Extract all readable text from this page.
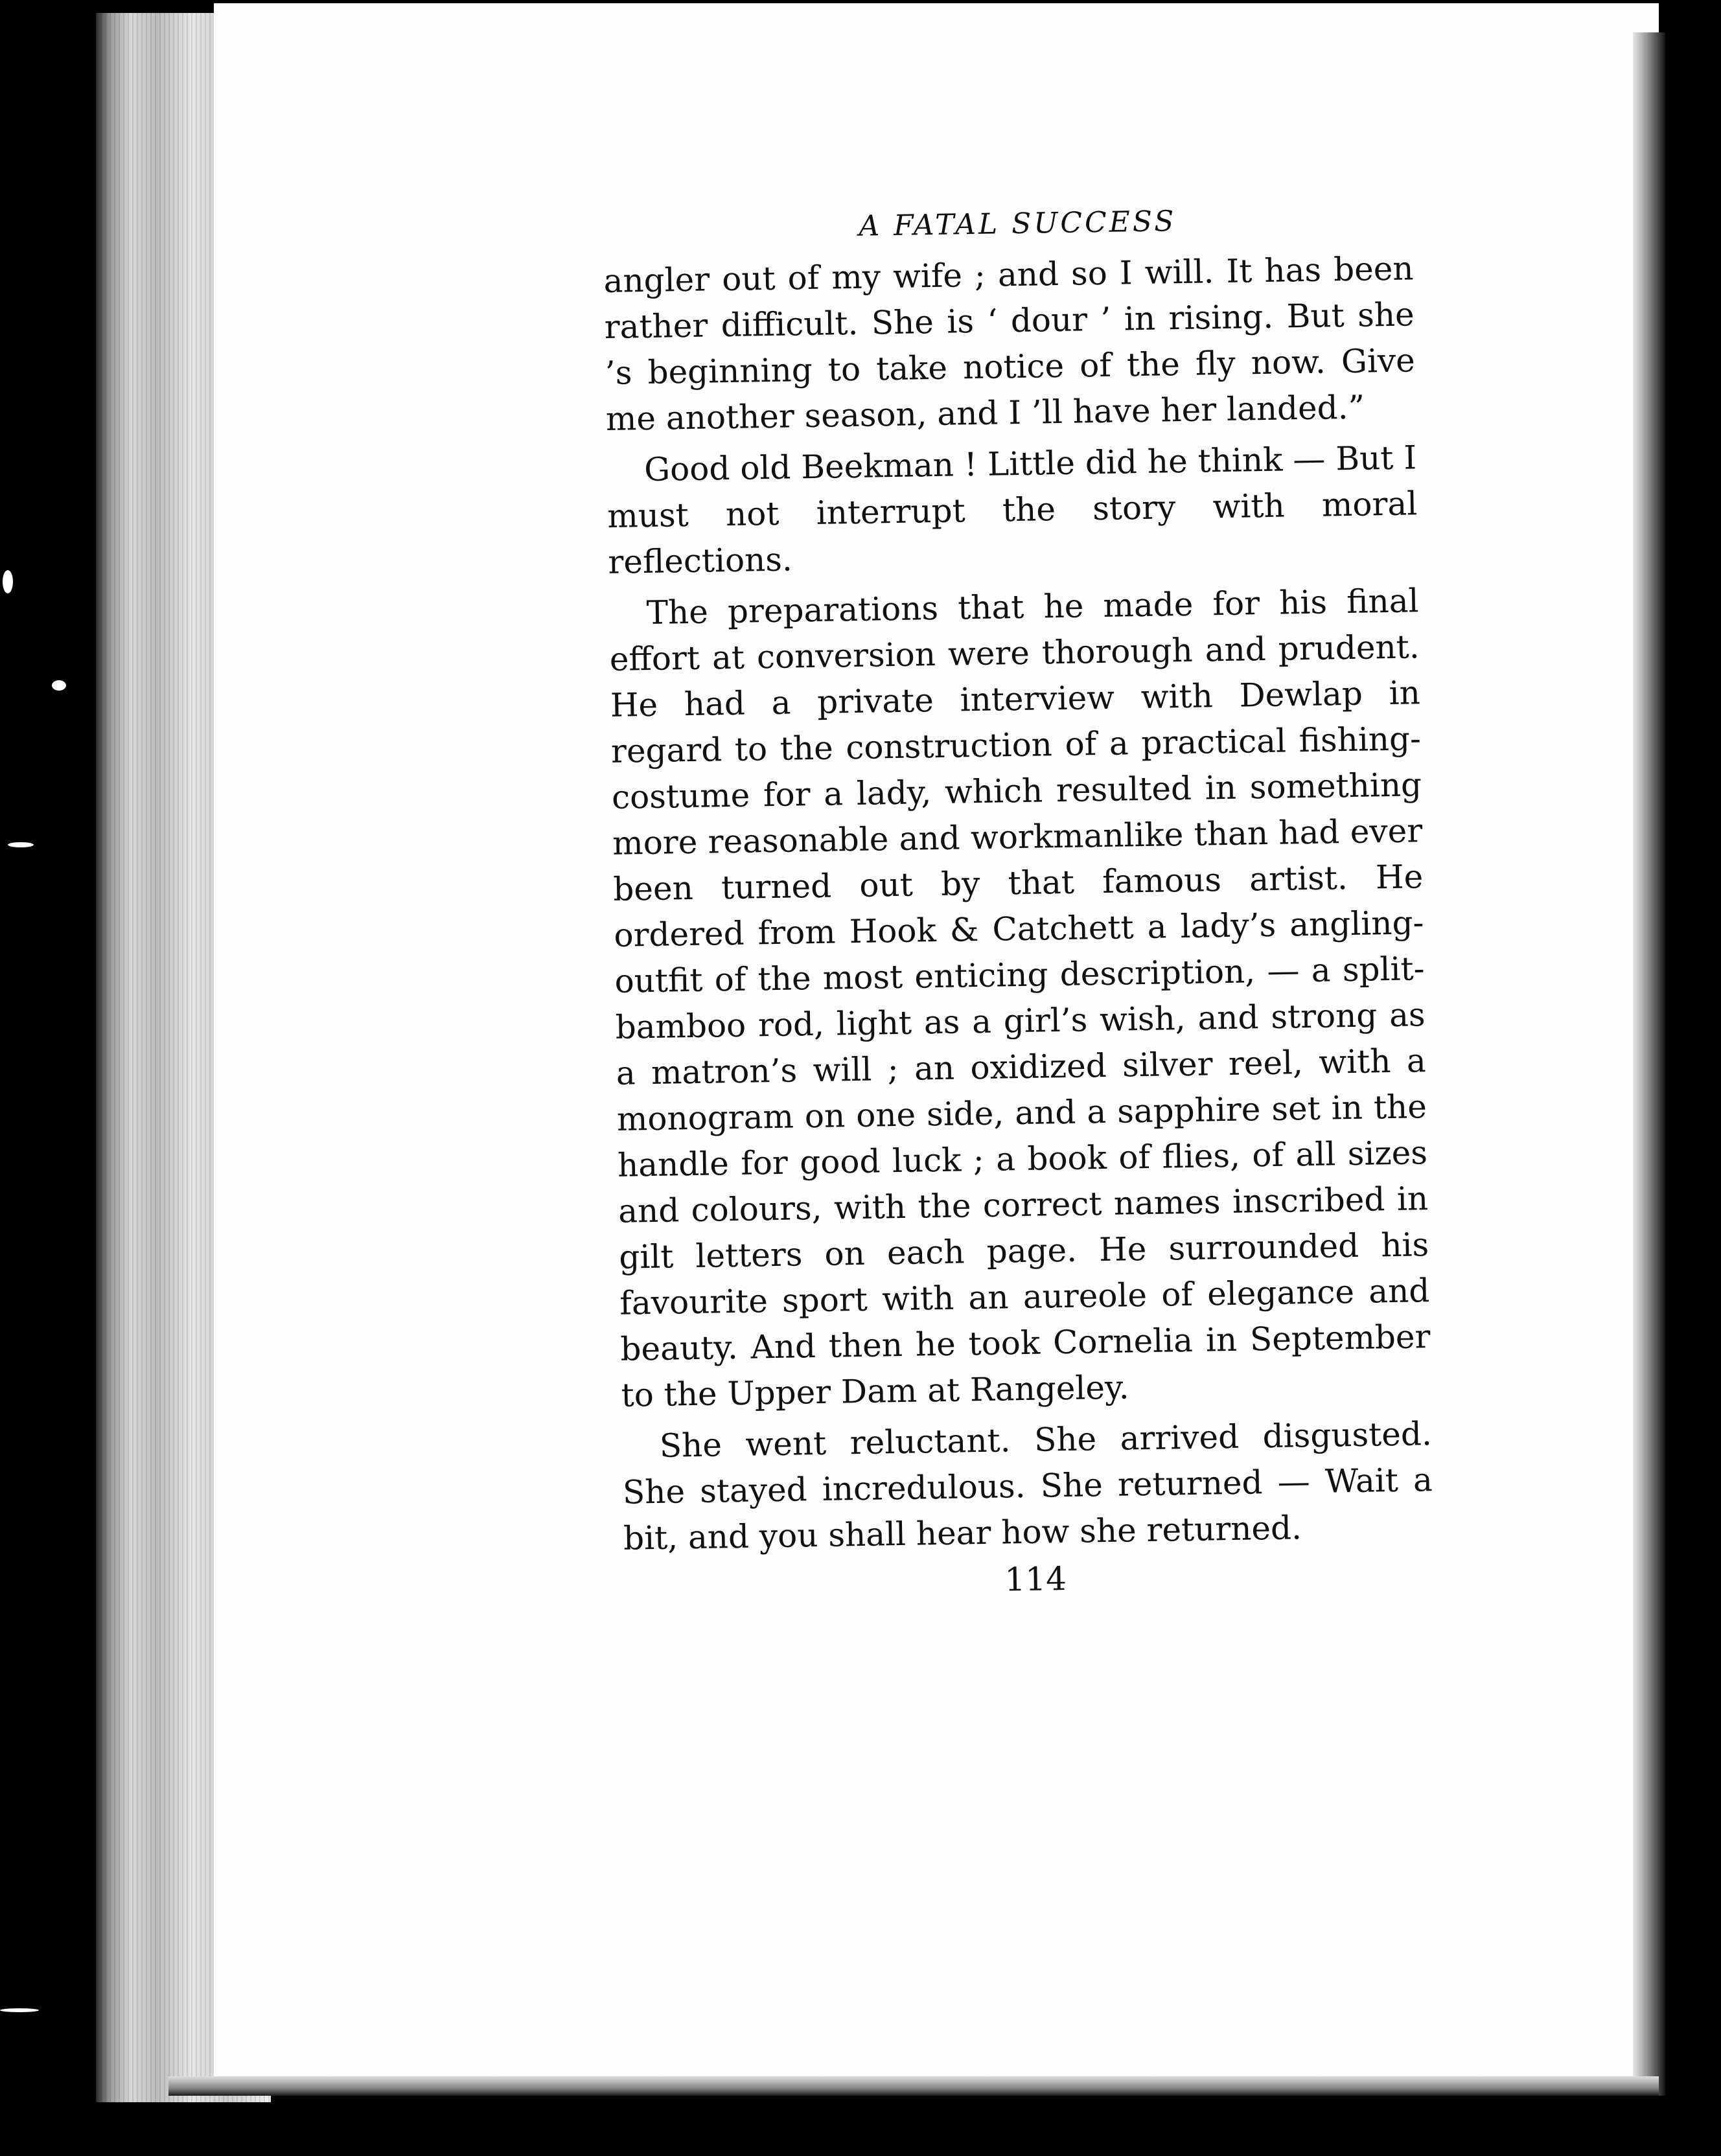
A FATAL SUCCESS

angler out of my wife ; and so I will. It has been rather difficult. She is ‘ dour ’ in rising. But she ’s beginning to take notice of the fly now. Give me another season, and I ’ll have her landed.”

Good old Beekman ! Little did he think — But I must not interrupt the story with moral reflections.

The preparations that he made for his final effort at conversion were thorough and prudent. He had a private interview with Dewlap in regard to the construction of a practical fishing-costume for a lady, which resulted in something more reasonable and workmanlike than had ever been turned out by that famous artist. He ordered from Hook & Catchett a lady’s angling-outfit of the most enticing description, — a split-bamboo rod, light as a girl’s wish, and strong as a matron’s will ; an oxidized silver reel, with a monogram on one side, and a sapphire set in the handle for good luck ; a book of flies, of all sizes and colours, with the correct names inscribed in gilt letters on each page. He surrounded his favourite sport with an aureole of elegance and beauty. And then he took Cornelia in September to the Upper Dam at Rangeley.

She went reluctant. She arrived disgusted. She stayed incredulous. She returned — Wait a bit, and you shall hear how she returned.

114
